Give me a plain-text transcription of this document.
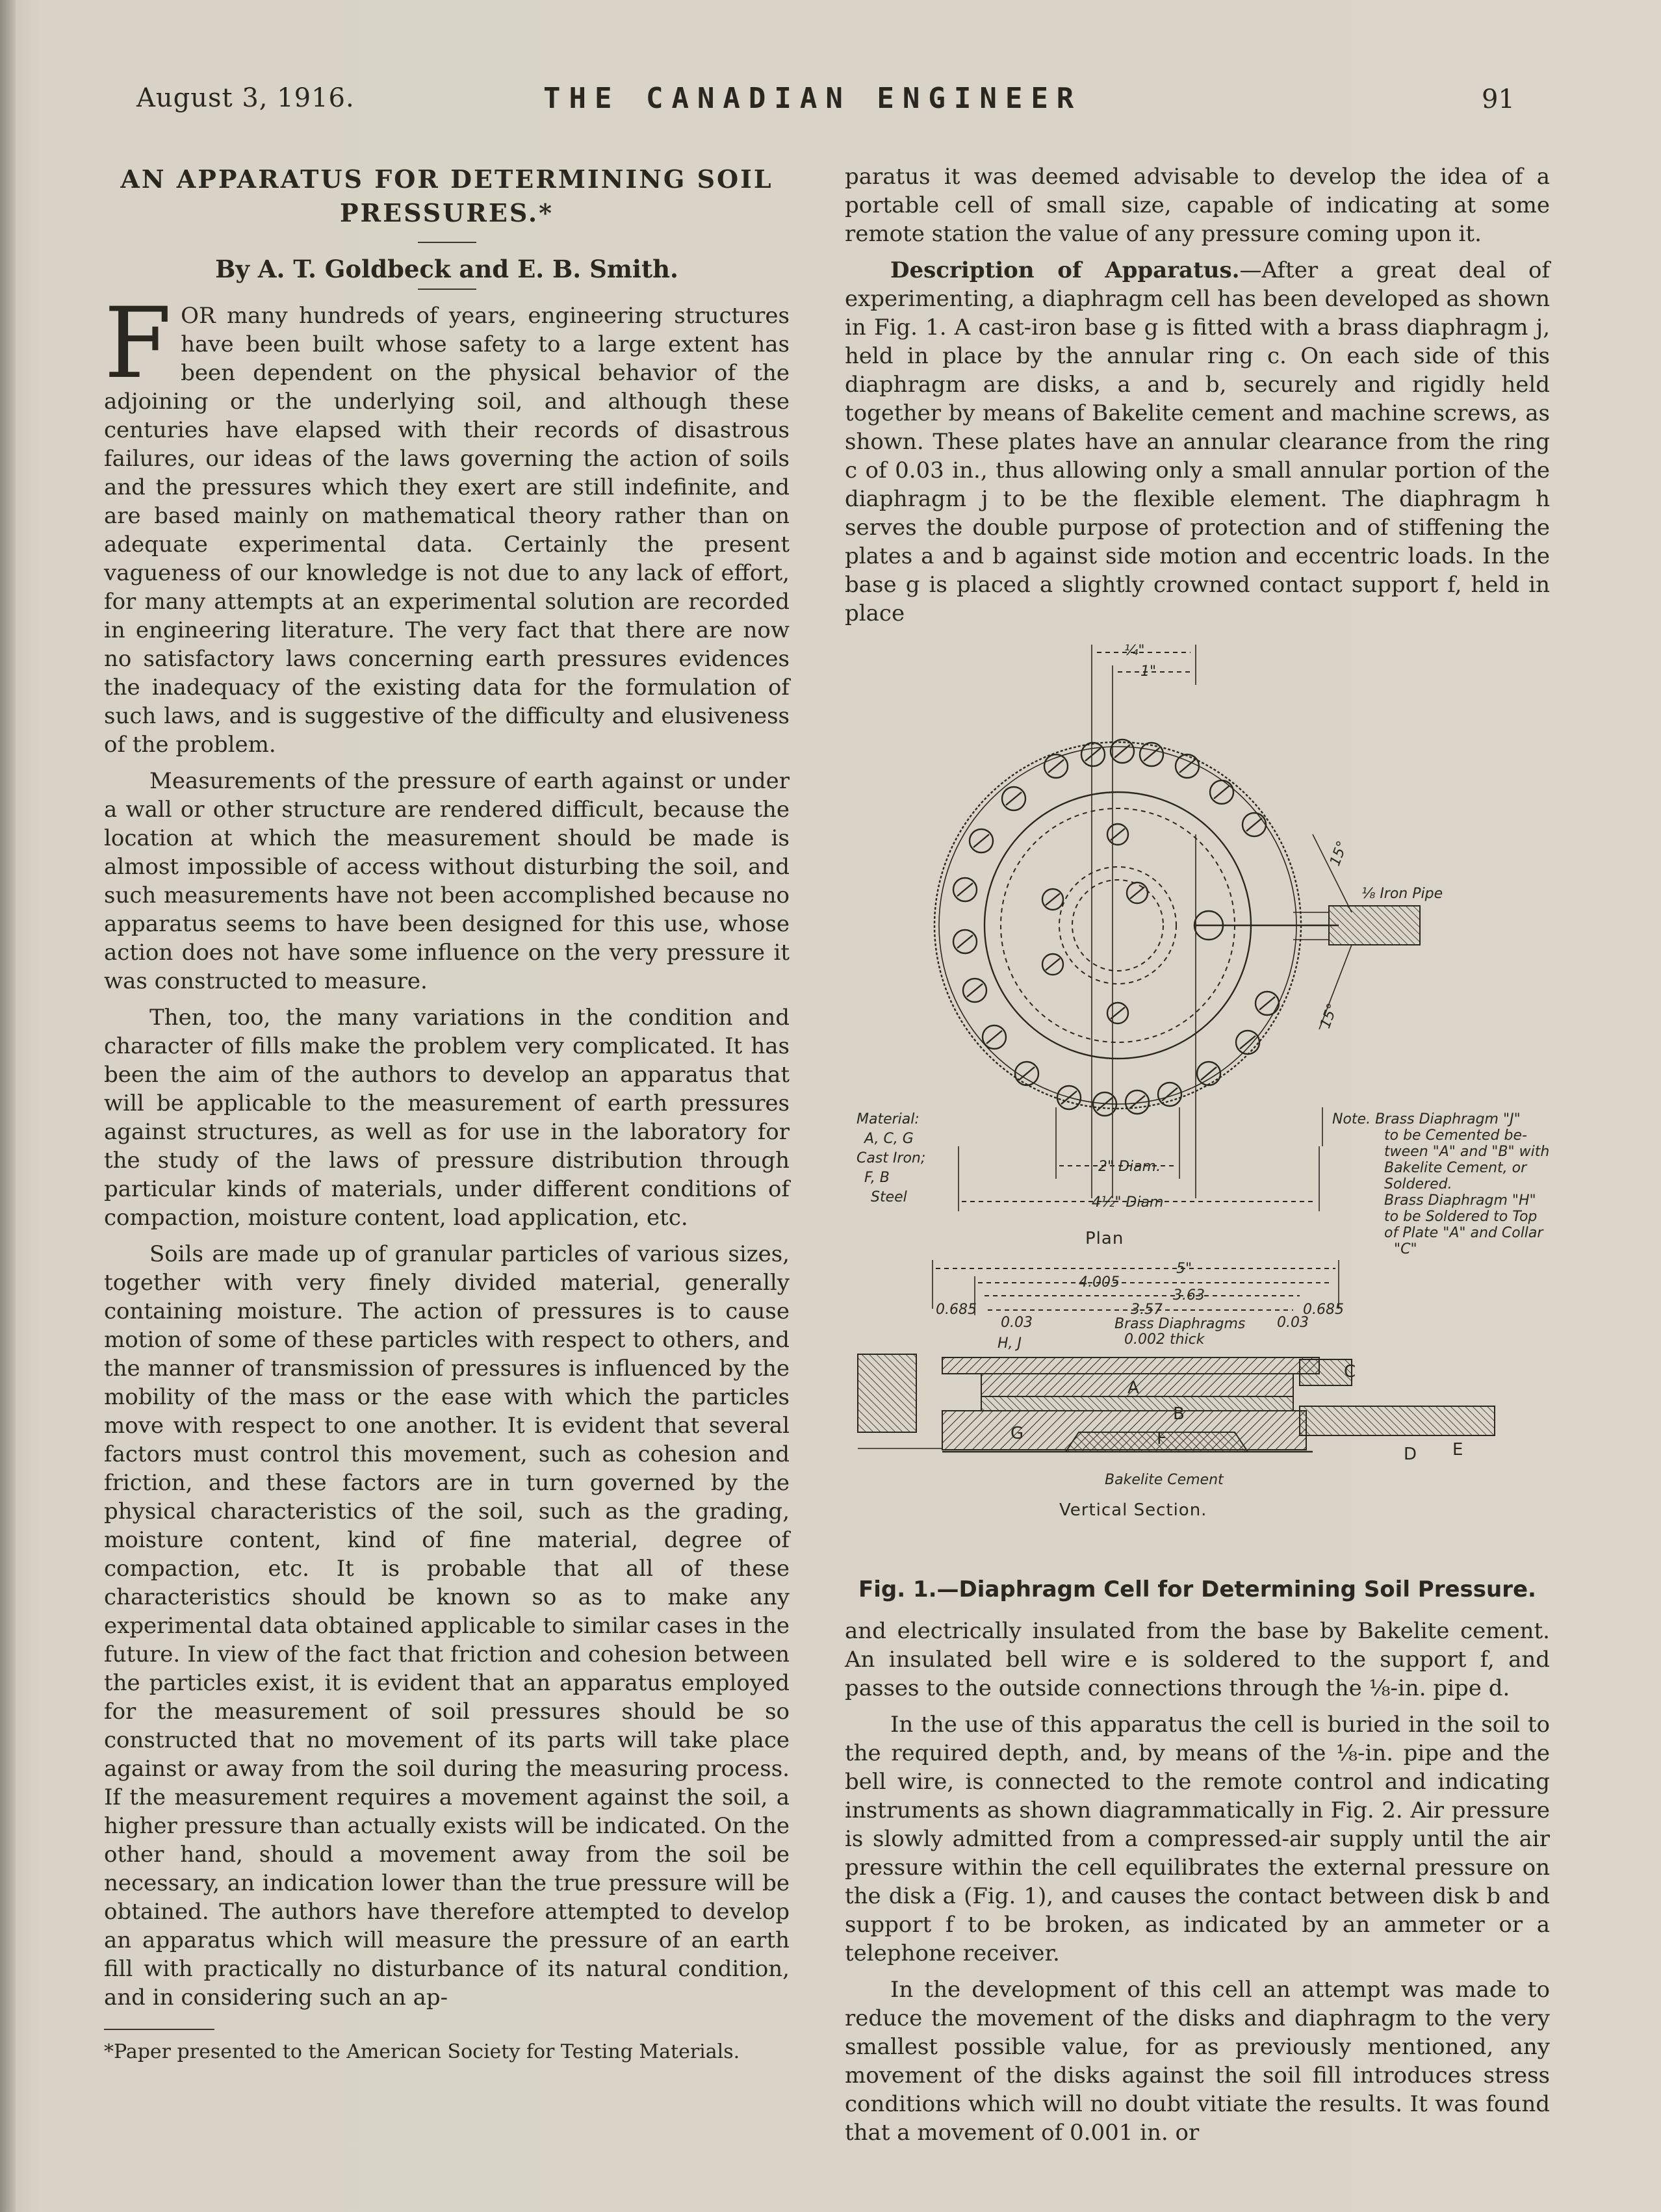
August 3, 1916.	THE CANADIAN ENGINEER	91
AN APPARATUS FOR DETERMINING SOIL
PRESSURES.*

By A. T. Goldbeck and E. B. Smith.

FOR many hundreds of years, engineering structures have been built whose safety to a large extent has been dependent on the physical behavior of the adjoining or the underlying soil, and although these centuries have elapsed with their records of disastrous failures, our ideas of the laws governing the action of soils and the pressures which they exert are still indefinite, and are based mainly on mathematical theory rather than on adequate experimental data. Certainly the present vagueness of our knowledge is not due to any lack of effort, for many attempts at an experimental solution are recorded in engineering literature. The very fact that there are now no satisfactory laws concerning earth pressures evidences the inadequacy of the existing data for the formulation of such laws, and is suggestive of the difficulty and elusiveness of the problem.

Measurements of the pressure of earth against or under a wall or other structure are rendered difficult, because the location at which the measurement should be made is almost impossible of access without disturbing the soil, and such measurements have not been accomplished because no apparatus seems to have been designed for this use, whose action does not have some influence on the very pressure it was constructed to measure.

Then, too, the many variations in the condition and character of fills make the problem very complicated. It has been the aim of the authors to develop an apparatus that will be applicable to the measurement of earth pressures against structures, as well as for use in the laboratory for the study of the laws of pressure distribution through particular kinds of materials, under different conditions of compaction, moisture content, load application, etc.

Soils are made up of granular particles of various sizes, together with very finely divided material, generally containing moisture. The action of pressures is to cause motion of some of these particles with respect to others, and the manner of transmission of pressures is influenced by the mobility of the mass or the ease with which the particles move with respect to one another. It is evident that several factors must control this movement, such as cohesion and friction, and these factors are in turn governed by the physical characteristics of the soil, such as the grading, moisture content, kind of fine material, degree of compaction, etc. It is probable that all of these characteristics should be known so as to make any experimental data obtained applicable to similar cases in the future. In view of the fact that friction and cohesion between the particles exist, it is evident that an apparatus employed for the measurement of soil pressures should be so constructed that no movement of its parts will take place against or away from the soil during the measuring process. If the measurement requires a movement against the soil, a higher pressure than actually exists will be indicated. On the other hand, should a movement away from the soil be necessary, an indication lower than the true pressure will be obtained. The authors have therefore attempted to develop an apparatus which will measure the pressure of an earth fill with practically no disturbance of its natural condition, and in considering such an ap-

*Paper presented to the American Society for Testing Materials.

paratus it was deemed advisable to develop the idea of a portable cell of small size, capable of indicating at some remote station the value of any pressure coming upon it.

Description of Apparatus.—After a great deal of experimenting, a diaphragm cell has been developed as shown in Fig. 1. A cast-iron base g is fitted with a brass diaphragm j, held in place by the annular ring c. On each side of this diaphragm are disks, a and b, securely and rigidly held together by means of Bakelite cement and machine screws, as shown. These plates have an annular clearance from the ring c of 0.03 in., thus allowing only a small annular portion of the diaphragm j to be the flexible element. The diaphragm h serves the double purpose of protection and of stiffening the plates a and b against side motion and eccentric loads. In the base g is placed a slightly crowned contact support f, held in place

¼"
1"
⅛ Iron Pipe
15°
15°
2" Diam.
4½" Diam
Plan
Material:
A, C, G
Cast Iron;
F, B
Steel
Note. Brass Diaphragm "J"
to be Cemented be-
tween "A" and "B" with
Bakelite Cement, or
Soldered.
Brass Diaphragm "H"
to be Soldered to Top
of Plate "A" and Collar
"C"
5"
4.005
3.63
3.57
0.685
0.03	0.03
0.685
Brass Diaphragms
0.002 thick
H, J
A
B
C
D E
F
G
Bakelite Cement
Vertical Section.

Fig. 1.—Diaphragm Cell for Determining Soil Pressure.

and electrically insulated from the base by Bakelite cement. An insulated bell wire e is soldered to the support f, and passes to the outside connections through the ⅛-in. pipe d.

In the use of this apparatus the cell is buried in the soil to the required depth, and, by means of the ⅛-in. pipe and the bell wire, is connected to the remote control and indicating instruments as shown diagrammatically in Fig. 2. Air pressure is slowly admitted from a compressed-air supply until the air pressure within the cell equilibrates the external pressure on the disk a (Fig. 1), and causes the contact between disk b and support f to be broken, as indicated by an ammeter or a telephone receiver.

In the development of this cell an attempt was made to reduce the movement of the disks and diaphragm to the very smallest possible value, for as previously mentioned, any movement of the disks against the soil fill introduces stress conditions which will no doubt vitiate the results. It was found that a movement of 0.001 in. or
